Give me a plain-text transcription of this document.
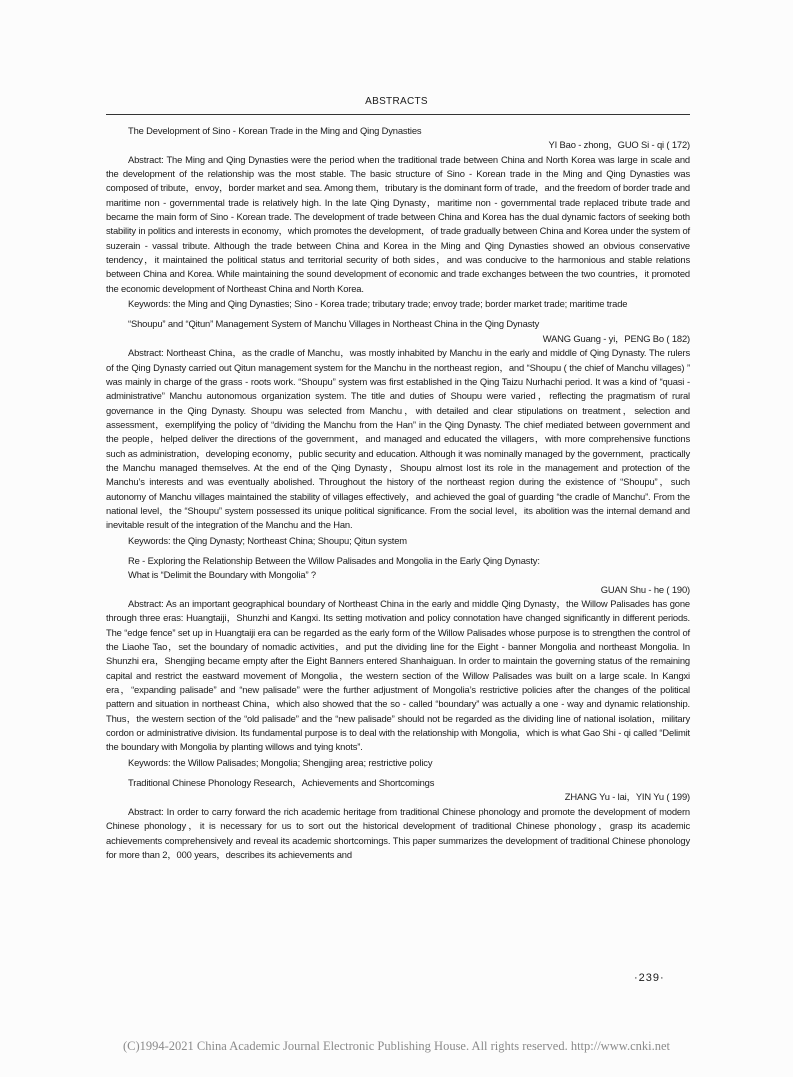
ABSTRACTS
The Development of Sino - Korean Trade in the Ming and Qing Dynasties
YI Bao - zhong，GUO Si - qi ( 172)

Abstract: The Ming and Qing Dynasties were the period when the traditional trade between China and North Korea was large in scale and the development of the relationship was the most stable. The basic structure of Sino - Korean trade in the Ming and Qing Dynasties was composed of tribute，envoy，border market and sea. Among them，tributary is the dominant form of trade，and the freedom of border trade and maritime non - governmental trade is relatively high. In the late Qing Dynasty，maritime non - governmental trade replaced tribute trade and became the main form of Sino - Korean trade. The development of trade between China and Korea has the dual dynamic factors of seeking both stability in politics and interests in economy，which promotes the development，of trade gradually between China and Korea under the system of suzerain - vassal tribute. Although the trade between China and Korea in the Ming and Qing Dynasties showed an obvious conservative tendency，it maintained the political status and territorial security of both sides，and was conducive to the harmonious and stable relations between China and Korea. While maintaining the sound development of economic and trade exchanges between the two countries，it promoted the economic development of Northeast China and North Korea.

Keywords: the Ming and Qing Dynasties; Sino - Korea trade; tributary trade; envoy trade; border market trade; maritime trade

“Shoupu” and “Qitun” Management System of Manchu Villages in Northeast China in the Qing Dynasty
WANG Guang - yi，PENG Bo ( 182)

Abstract: Northeast China，as the cradle of Manchu，was mostly inhabited by Manchu in the early and middle of Qing Dynasty. The rulers of the Qing Dynasty carried out Qitun management system for the Manchu in the northeast region，and “Shoupu ( the chief of Manchu villages) ” was mainly in charge of the grass - roots work. “Shoupu” system was first established in the Qing Taizu Nurhachi period. It was a kind of “quasi - administrative” Manchu autonomous organization system. The title and duties of Shoupu were varied，reflecting the pragmatism of rural governance in the Qing Dynasty. Shoupu was selected from Manchu，with detailed and clear stipulations on treatment，selection and assessment，exemplifying the policy of “dividing the Manchu from the Han” in the Qing Dynasty. The chief mediated between government and the people，helped deliver the directions of the government，and managed and educated the villagers，with more comprehensive functions such as administration，developing economy，public security and education. Although it was nominally managed by the government，practically the Manchu managed themselves. At the end of the Qing Dynasty，Shoupu almost lost its role in the management and protection of the Manchu’s interests and was eventually abolished. Throughout the history of the northeast region during the existence of “Shoupu”，such autonomy of Manchu villages maintained the stability of villages effectively，and achieved the goal of guarding “the cradle of Manchu”. From the national level，the “Shoupu” system possessed its unique political significance. From the social level，its abolition was the internal demand and inevitable result of the integration of the Manchu and the Han.

Keywords: the Qing Dynasty; Northeast China; Shoupu; Qitun system

Re - Exploring the Relationship Between the Willow Palisades and Mongolia in the Early Qing Dynasty:
What is “Delimit the Boundary with Mongolia” ?
GUAN Shu - he ( 190)

Abstract: As an important geographical boundary of Northeast China in the early and middle Qing Dynasty，the Willow Palisades has gone through three eras: Huangtaiji，Shunzhi and Kangxi. Its setting motivation and policy connotation have changed significantly in different periods. The “edge fence” set up in Huangtaiji era can be regarded as the early form of the Willow Palisades whose purpose is to strengthen the control of the Liaohe Tao，set the boundary of nomadic activities，and put the dividing line for the Eight - banner Mongolia and northeast Mongolia. In Shunzhi era，Shengjing became empty after the Eight Banners entered Shanhaiguan. In order to maintain the governing status of the remaining capital and restrict the eastward movement of Mongolia，the western section of the Willow Palisades was built on a large scale. In Kangxi era，“expanding palisade” and “new palisade” were the further adjustment of Mongolia’s restrictive policies after the changes of the political pattern and situation in northeast China，which also showed that the so - called “boundary” was actually a one - way and dynamic relationship. Thus，the western section of the “old palisade” and the “new palisade” should not be regarded as the dividing line of national isolation，military cordon or administrative division. Its fundamental purpose is to deal with the relationship with Mongolia，which is what Gao Shi - qi called “Delimit the boundary with Mongolia by planting willows and tying knots”.

Keywords: the Willow Palisades; Mongolia; Shengjing area; restrictive policy

Traditional Chinese Phonology Research，Achievements and Shortcomings
ZHANG Yu - lai，YIN Yu ( 199)

Abstract: In order to carry forward the rich academic heritage from traditional Chinese phonology and promote the development of modern Chinese phonology，it is necessary for us to sort out the historical development of traditional Chinese phonology，grasp its academic achievements comprehensively and reveal its academic shortcomings. This paper summarizes the development of traditional Chinese phonology for more than 2，000 years，describes its achievements and

·239·
(C)1994-2021 China Academic Journal Electronic Publishing House. All rights reserved. http://www.cnki.net
